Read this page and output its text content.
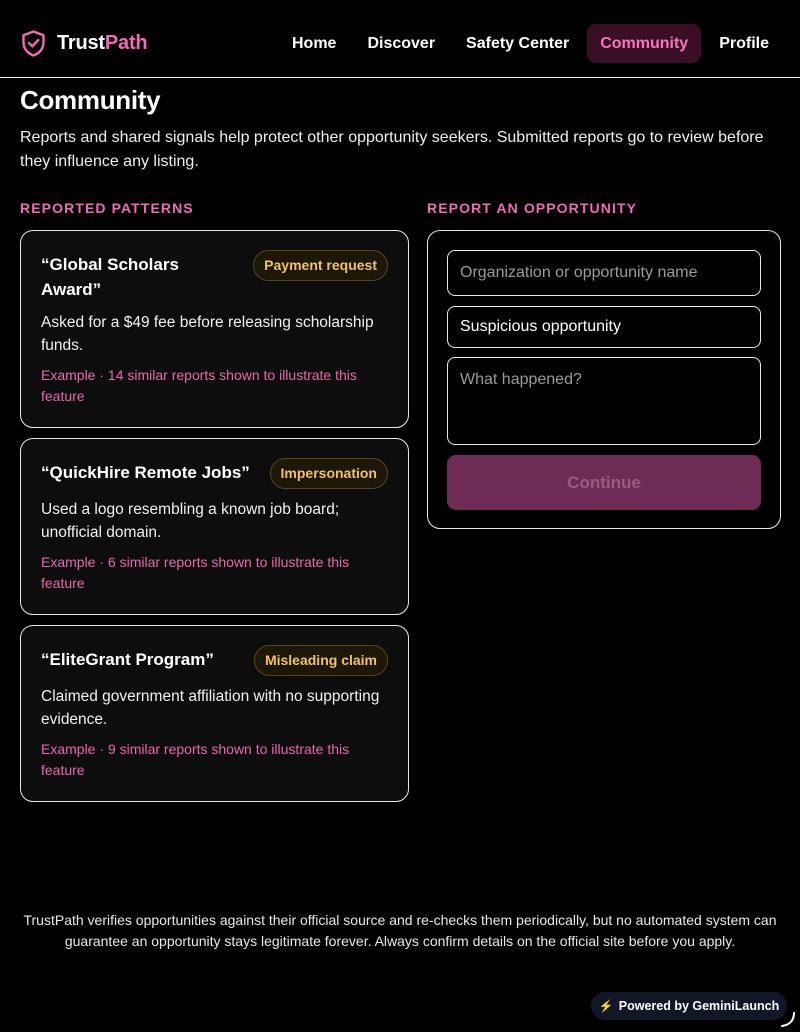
TrustPath	Home	Discover	Safety Center	Community	Profile
Community

Reports and shared signals help protect other opportunity seekers. Submitted reports go to review before they influence any listing.

REPORTED PATTERNS	REPORT AN OPPORTUNITY
“Global Scholars Award”
Payment request
Asked for a $49 fee before releasing scholarship funds.
Example · 14 similar reports shown to illustrate this feature
“QuickHire Remote Jobs”	Impersonation
Used a logo resembling a known job board; unofficial domain.
Example · 6 similar reports shown to illustrate this feature
“EliteGrant Program”	Misleading claim
Claimed government affiliation with no supporting evidence.
Example · 9 similar reports shown to illustrate this feature
Organization or opportunity name
Suspicious opportunity
What happened?
Continue

TrustPath verifies opportunities against their official source and re-checks them periodically, but no automated system can guarantee an opportunity stays legitimate forever. Always confirm details on the official site before you apply.

⚡ Powered by GeminiLaunch
